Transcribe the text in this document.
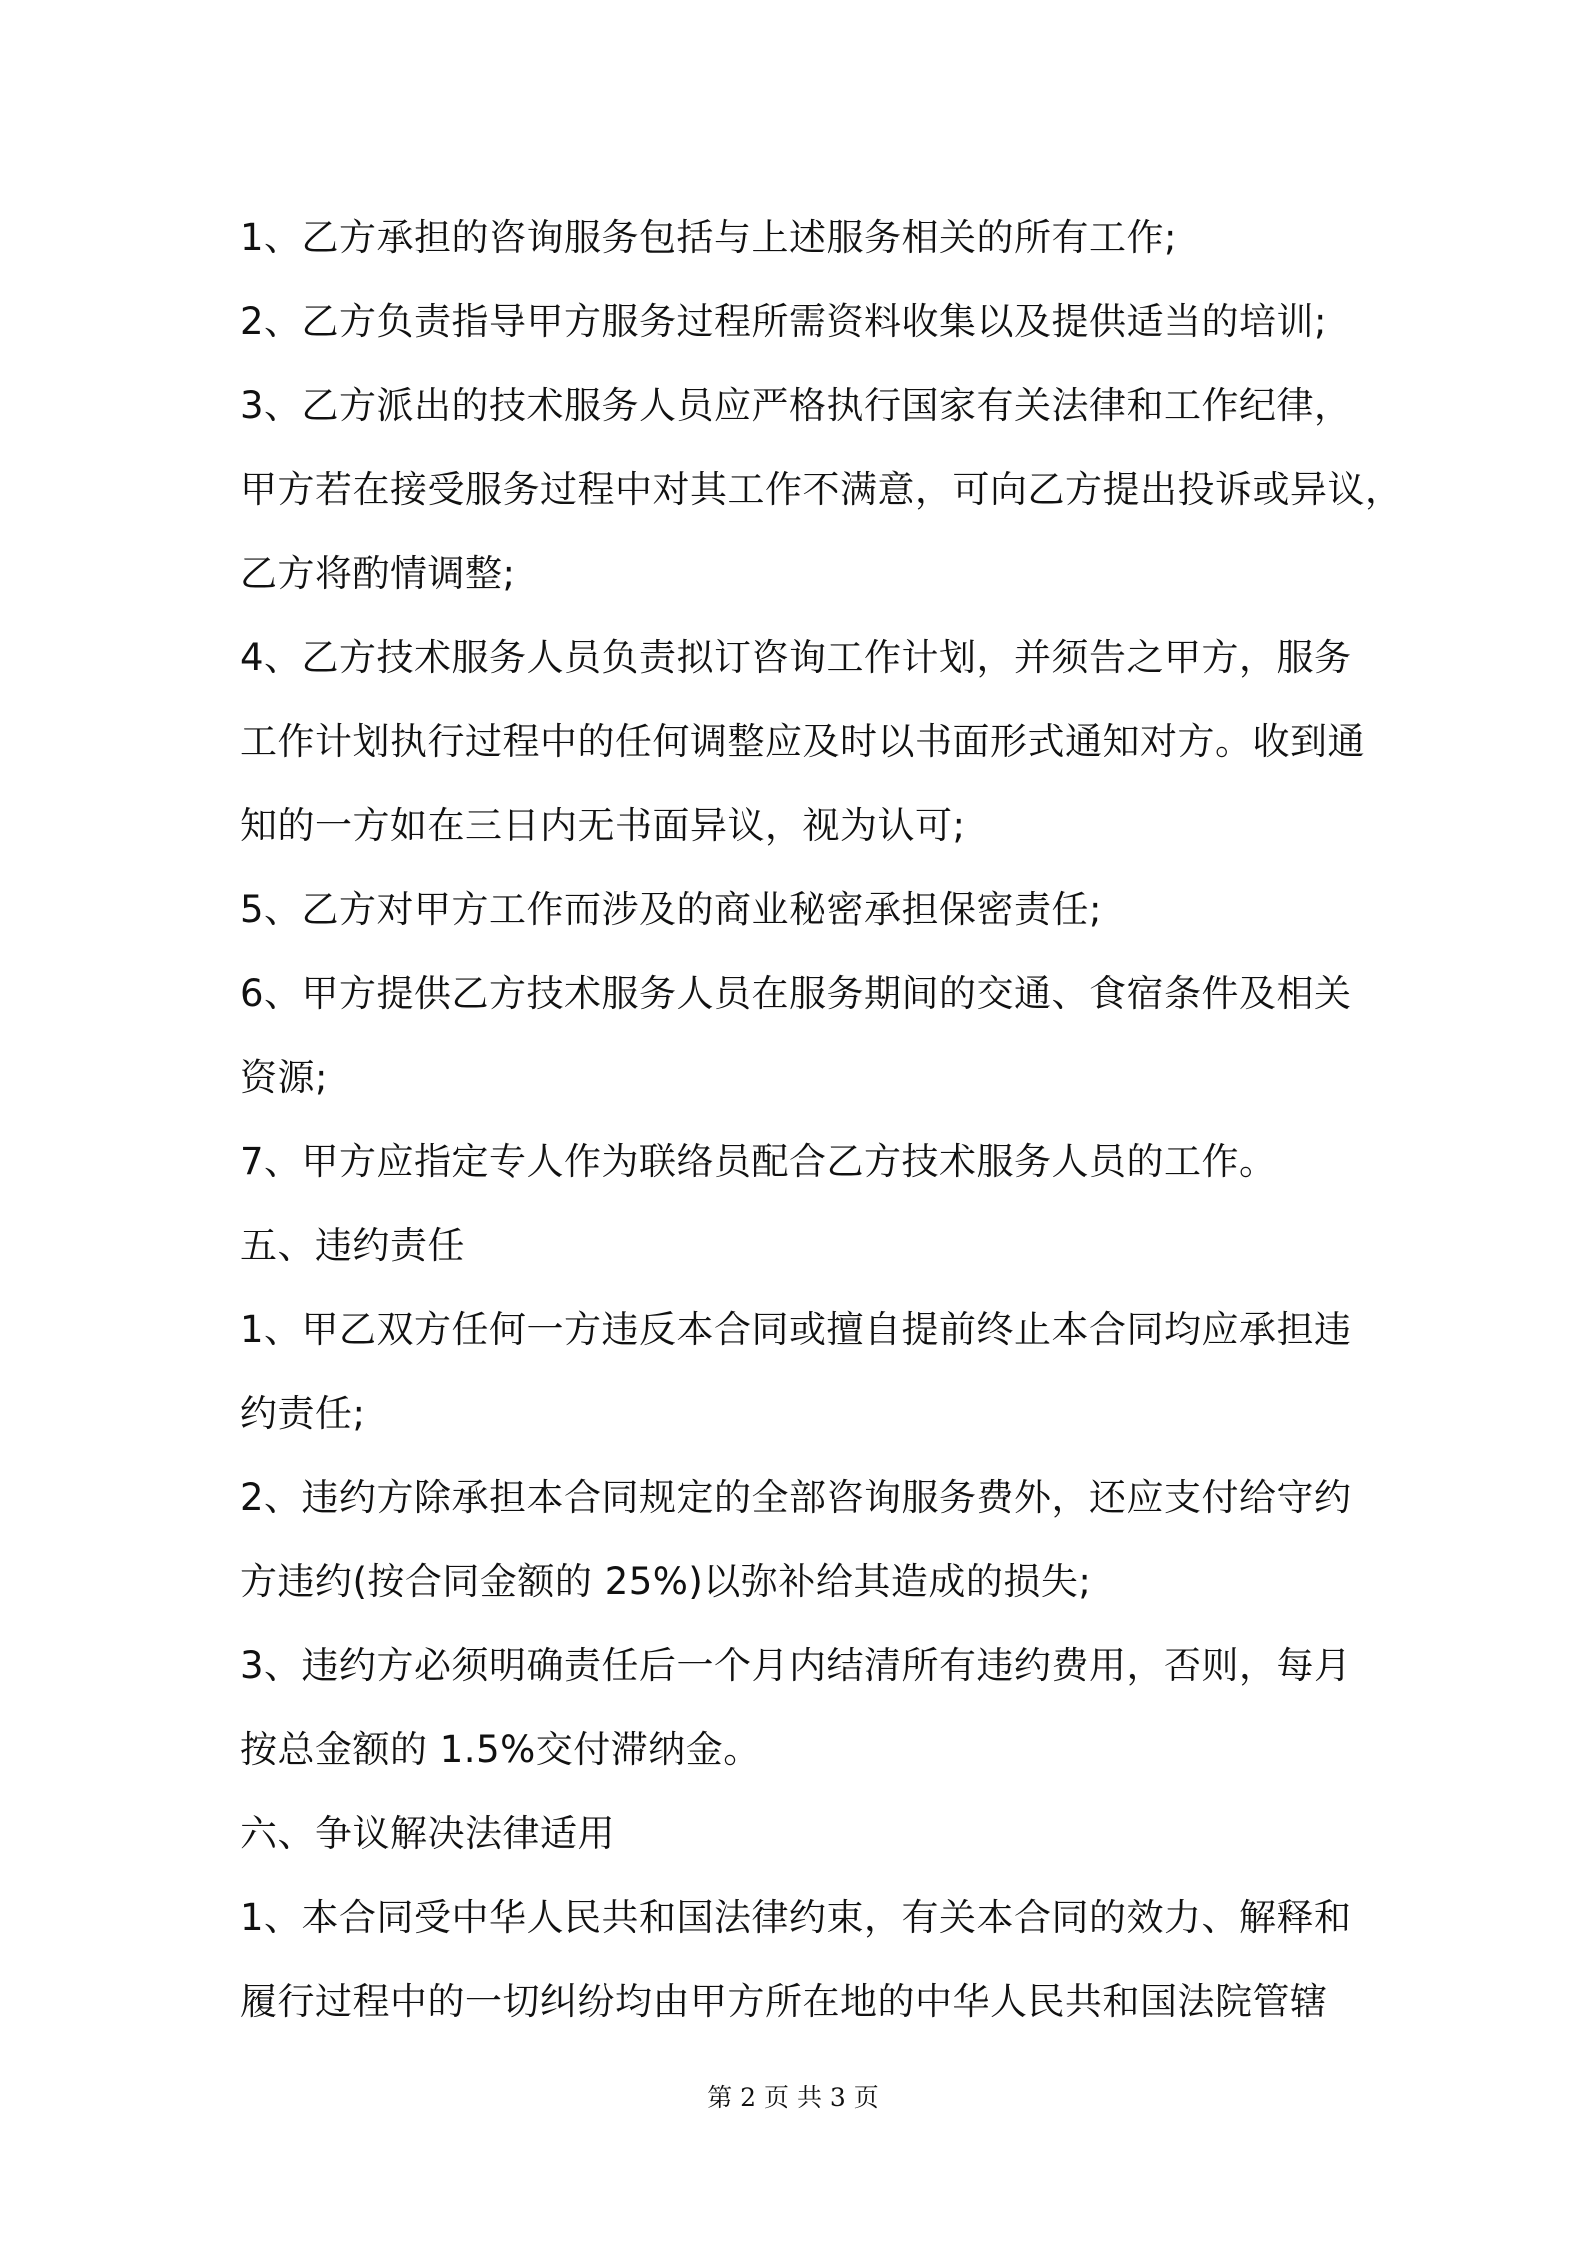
1、乙方承担的咨询服务包括与上述服务相关的所有工作;

2、乙方负责指导甲方服务过程所需资料收集以及提供适当的培训;

3、乙方派出的技术服务人员应严格执行国家有关法律和工作纪律，

甲方若在接受服务过程中对其工作不满意，可向乙方提出投诉或异议，

乙方将酌情调整;

4、乙方技术服务人员负责拟订咨询工作计划，并须告之甲方，服务

工作计划执行过程中的任何调整应及时以书面形式通知对方。收到通

知的一方如在三日内无书面异议，视为认可;

5、乙方对甲方工作而涉及的商业秘密承担保密责任;

6、甲方提供乙方技术服务人员在服务期间的交通、食宿条件及相关

资源;

7、甲方应指定专人作为联络员配合乙方技术服务人员的工作。

五、违约责任

1、甲乙双方任何一方违反本合同或擅自提前终止本合同均应承担违

约责任;

2、违约方除承担本合同规定的全部咨询服务费外，还应支付给守约

方违约(按合同金额的 25%)以弥补给其造成的损失;

3、违约方必须明确责任后一个月内结清所有违约费用，否则，每月

按总金额的 1.5%交付滞纳金。

六、争议解决法律适用

1、本合同受中华人民共和国法律约束，有关本合同的效力、解释和

履行过程中的一切纠纷均由甲方所在地的中华人民共和国法院管辖

第 2 页 共 3 页
